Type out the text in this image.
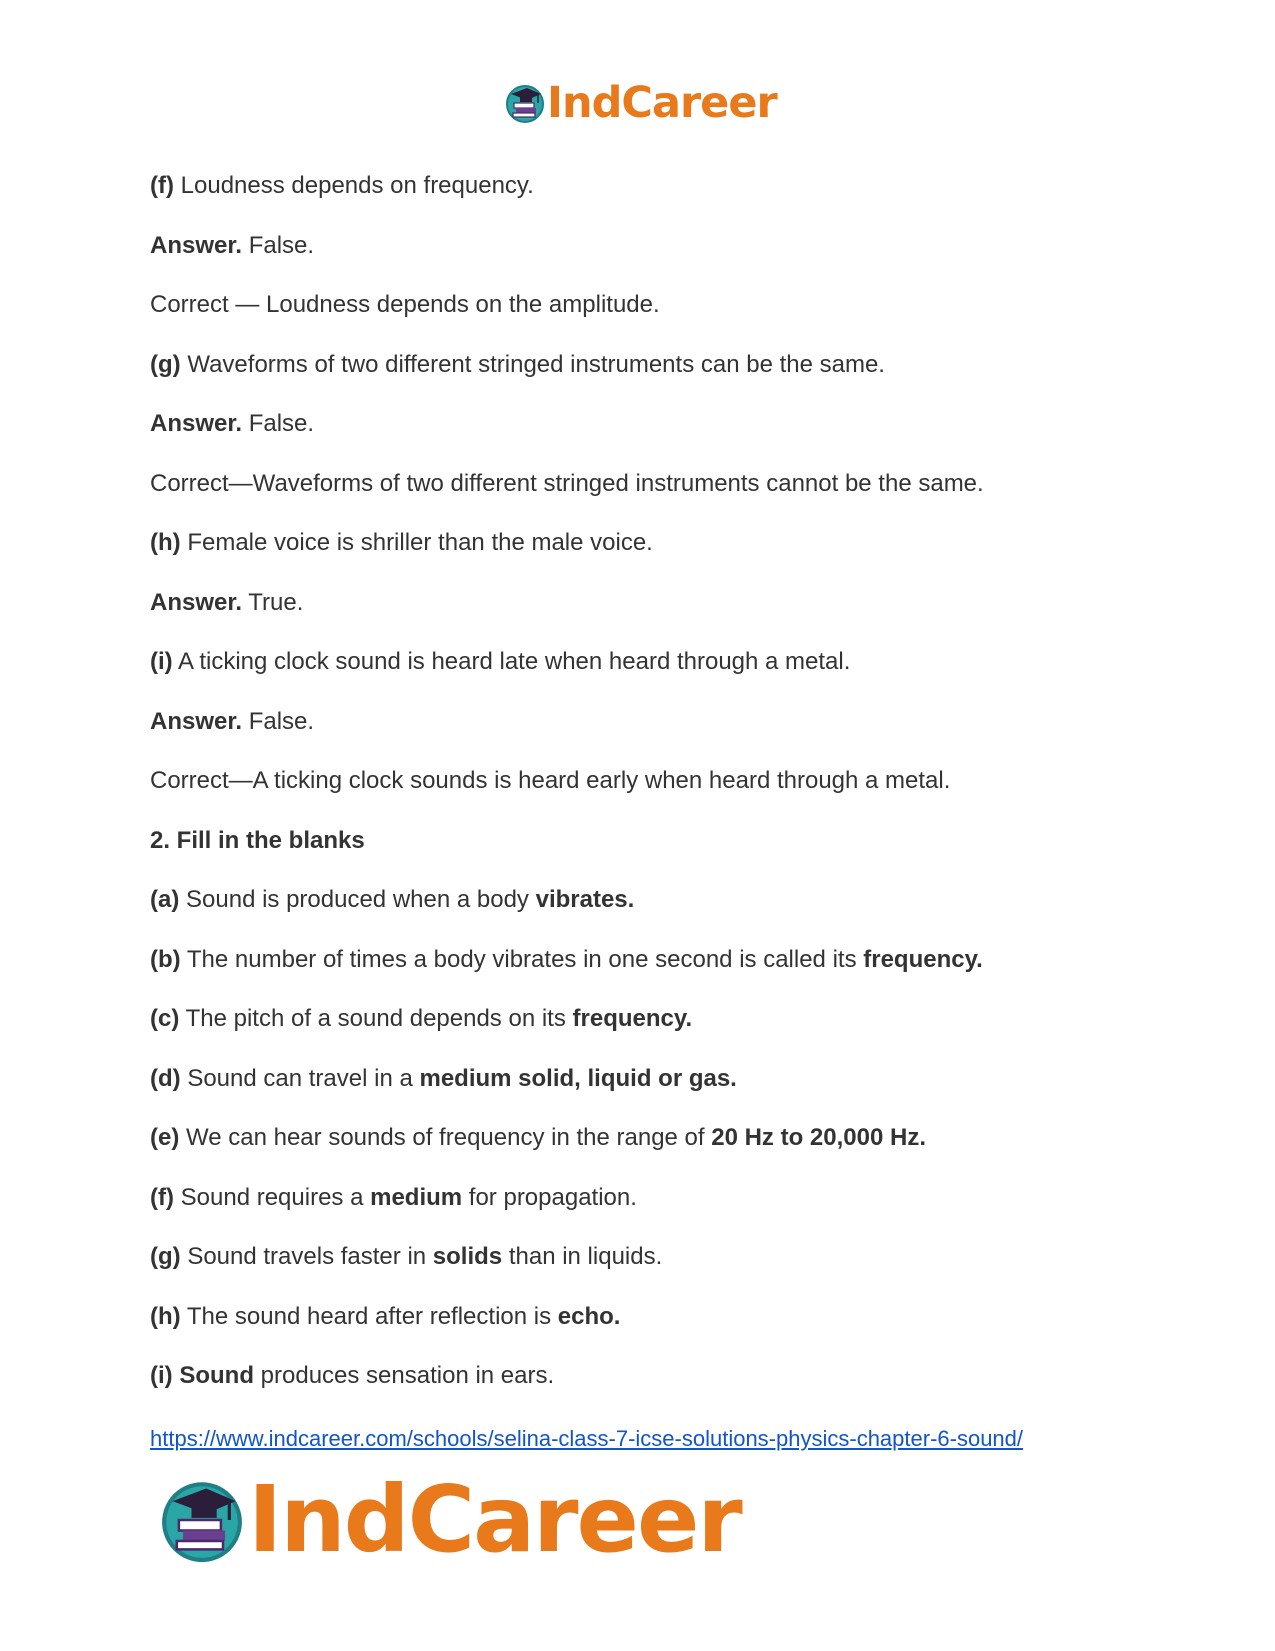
IndCareer

(f) Loudness depends on frequency.

Answer. False.

Correct — Loudness depends on the amplitude.

(g) Waveforms of two different stringed instruments can be the same.

Answer. False.

Correct—Waveforms of two different stringed instruments cannot be the same.

(h) Female voice is shriller than the male voice.

Answer. True.

(i) A ticking clock sound is heard late when heard through a metal.

Answer. False.

Correct—A ticking clock sounds is heard early when heard through a metal.

2. Fill in the blanks

(a) Sound is produced when a body vibrates.

(b) The number of times a body vibrates in one second is called its frequency.

(c) The pitch of a sound depends on its frequency.

(d) Sound can travel in a medium solid, liquid or gas.

(e) We can hear sounds of frequency in the range of 20 Hz to 20,000 Hz.

(f) Sound requires a medium for propagation.

(g) Sound travels faster in solids than in liquids.

(h) The sound heard after reflection is echo.

(i) Sound produces sensation in ears.

https://www.indcareer.com/schools/selina-class-7-icse-solutions-physics-chapter-6-sound/
IndCareer
